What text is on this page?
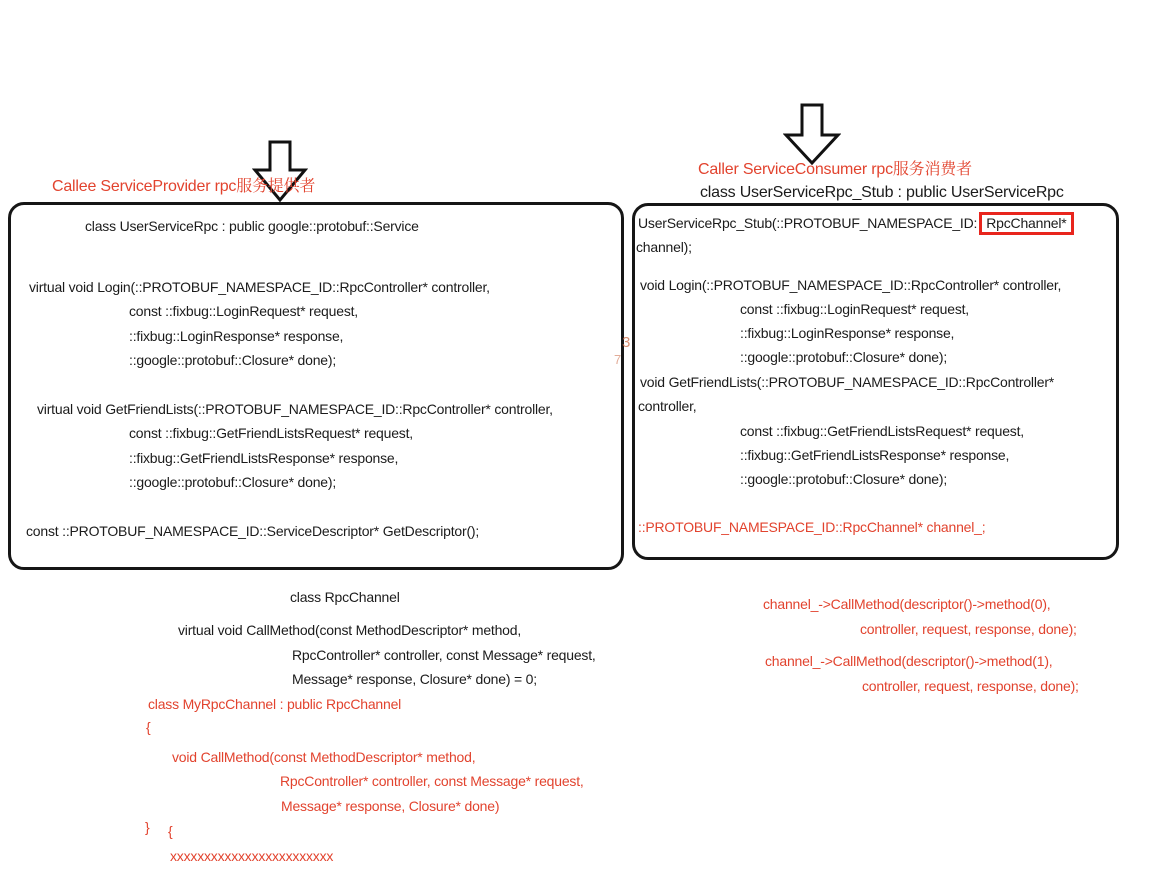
Callee ServiceProvider rpc服务提供者
Caller ServiceConsumer rpc服务消费者
class UserServiceRpc_Stub : public UserServiceRpc
class UserServiceRpc : public google::protobuf::Service
virtual void Login(::PROTOBUF_NAMESPACE_ID::RpcController* controller,
const ::fixbug::LoginRequest* request,
::fixbug::LoginResponse* response,
::google::protobuf::Closure* done);
virtual void GetFriendLists(::PROTOBUF_NAMESPACE_ID::RpcController* controller,
const ::fixbug::GetFriendListsRequest* request,
::fixbug::GetFriendListsResponse* response,
::google::protobuf::Closure* done);
const ::PROTOBUF_NAMESPACE_ID::ServiceDescriptor* GetDescriptor();
UserServiceRpc_Stub(::PROTOBUF_NAMESPACE_ID: RpcChannel*
channel);
void Login(::PROTOBUF_NAMESPACE_ID::RpcController* controller,
const ::fixbug::LoginRequest* request,
::fixbug::LoginResponse* response,
::google::protobuf::Closure* done);
void GetFriendLists(::PROTOBUF_NAMESPACE_ID::RpcController*
controller,
const ::fixbug::GetFriendListsRequest* request,
::fixbug::GetFriendListsResponse* response,
::google::protobuf::Closure* done);
::PROTOBUF_NAMESPACE_ID::RpcChannel* channel_;
3
7
class RpcChannel
virtual void CallMethod(const MethodDescriptor* method,
RpcController* controller, const Message* request,
Message* response, Closure* done) = 0;
class MyRpcChannel : public RpcChannel
{
void CallMethod(const MethodDescriptor* method,
RpcController* controller, const Message* request,
Message* response, Closure* done)
} {
xxxxxxxxxxxxxxxxxxxxxxxx
channel_->CallMethod(descriptor()->method(0),
controller, request, response, done);
channel_->CallMethod(descriptor()->method(1),
controller, request, response, done);
